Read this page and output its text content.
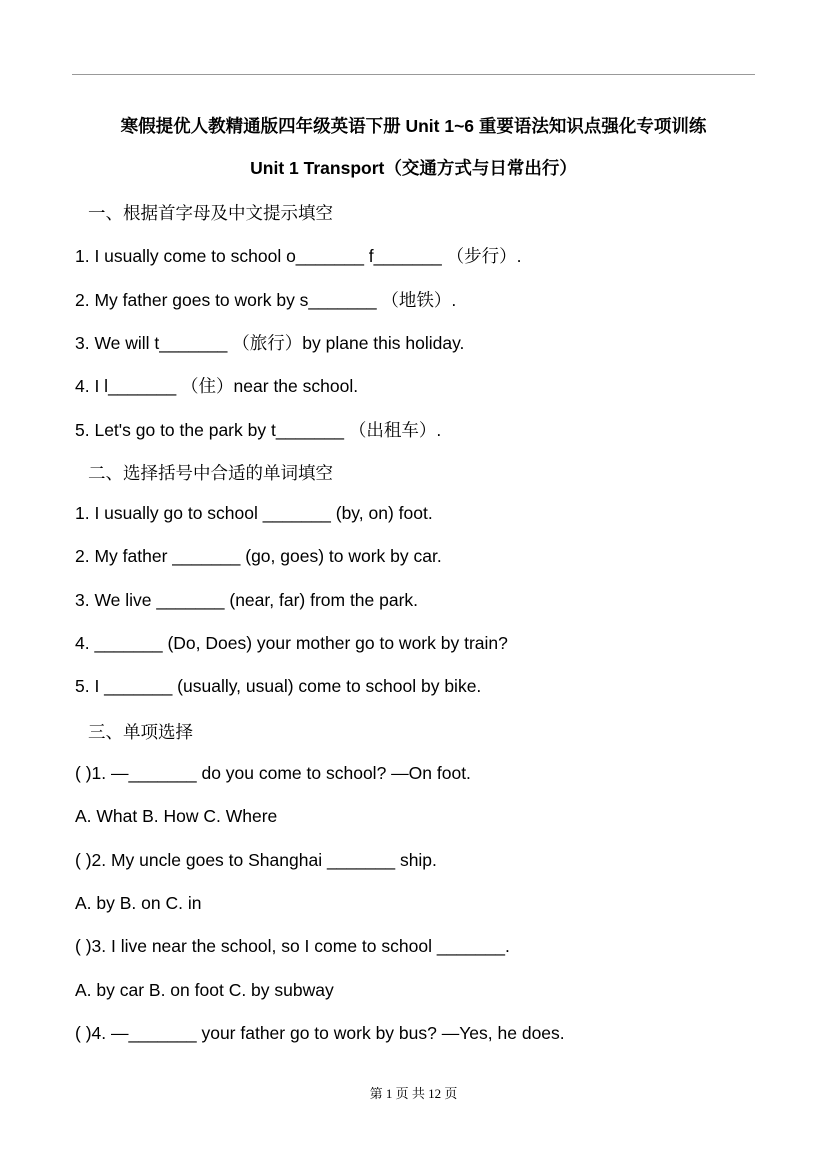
寒假提优人教精通版四年级英语下册 Unit 1~6 重要语法知识点强化专项训练
Unit 1 Transport（交通方式与日常出行）
一、根据首字母及中文提示填空
1. I usually come to school o_______ f_______ （步行）.
2. My father goes to work by s_______ （地铁）.
3. We will t_______ （旅行）by plane this holiday.
4. I l_______ （住）near the school.
5. Let's go to the park by t_______ （出租车）.
二、选择括号中合适的单词填空
1. I usually go to school _______ (by, on) foot.
2. My father _______ (go, goes) to work by car.
3. We live _______ (near, far) from the park.
4. _______ (Do, Does) your mother go to work by train?
5. I _______ (usually, usual) come to school by bike.
三、单项选择
( )1. —_______ do you come to school? —On foot.
A. What B. How C. Where
( )2. My uncle goes to Shanghai _______ ship.
A. by B. on C. in
( )3. I live near the school, so I come to school _______.
A. by car B. on foot C. by subway
( )4. —_______ your father go to work by bus? —Yes, he does.
第 1 页 共 12 页
